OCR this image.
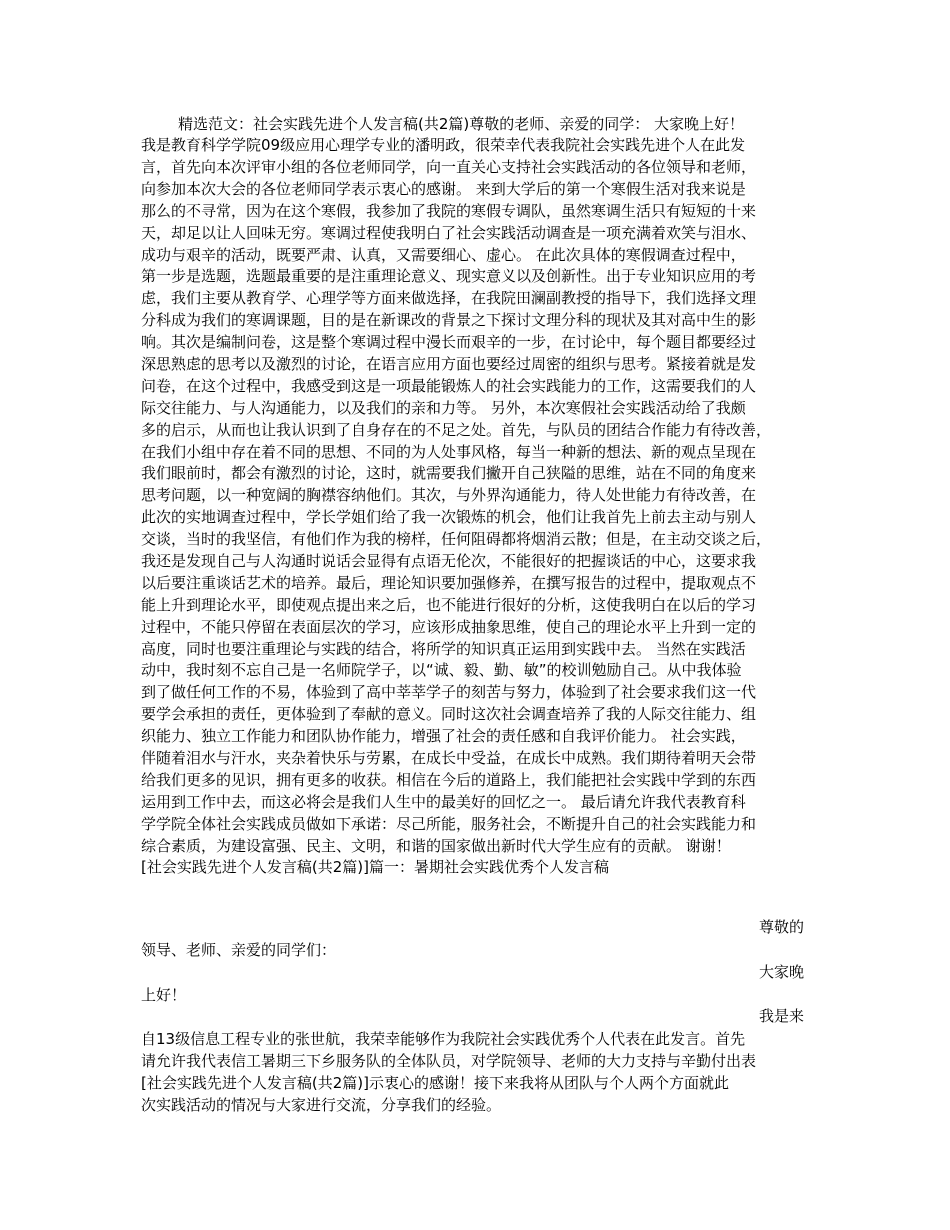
精选范文：社会实践先进个人发言稿(共2篇)尊敬的老师、亲爱的同学： 大家晚上好！
我是教育科学学院09级应用心理学专业的潘明政，很荣幸代表我院社会实践先进个人在此发
言，首先向本次评审小组的各位老师同学，向一直关心支持社会实践活动的各位领导和老师，
向参加本次大会的各位老师同学表示衷心的感谢。 来到大学后的第一个寒假生活对我来说是
那么的不寻常，因为在这个寒假，我参加了我院的寒假专调队，虽然寒调生活只有短短的十来
天，却足以让人回味无穷。寒调过程使我明白了社会实践活动调查是一项充满着欢笑与泪水、
成功与艰辛的活动，既要严肃、认真，又需要细心、虚心。 在此次具体的寒假调查过程中，
第一步是选题，选题最重要的是注重理论意义、现实意义以及创新性。出于专业知识应用的考
虑，我们主要从教育学、心理学等方面来做选择，在我院田澜副教授的指导下，我们选择文理
分科成为我们的寒调课题，目的是在新课改的背景之下探讨文理分科的现状及其对高中生的影
响。其次是编制问卷，这是整个寒调过程中漫长而艰辛的一步，在讨论中，每个题目都要经过
深思熟虑的思考以及激烈的讨论，在语言应用方面也要经过周密的组织与思考。紧接着就是发
问卷，在这个过程中，我感受到这是一项最能锻炼人的社会实践能力的工作，这需要我们的人
际交往能力、与人沟通能力，以及我们的亲和力等。 另外，本次寒假社会实践活动给了我颇
多的启示，从而也让我认识到了自身存在的不足之处。首先，与队员的团结合作能力有待改善，
在我们小组中存在着不同的思想、不同的为人处事风格，每当一种新的想法、新的观点呈现在
我们眼前时，都会有激烈的讨论，这时，就需要我们撇开自己狭隘的思维，站在不同的角度来
思考问题，以一种宽阔的胸襟容纳他们。其次，与外界沟通能力，待人处世能力有待改善，在
此次的实地调查过程中，学长学姐们给了我一次锻炼的机会，他们让我首先上前去主动与别人
交谈，当时的我坚信，有他们作为我的榜样，任何阻碍都将烟消云散；但是，在主动交谈之后，
我还是发现自己与人沟通时说话会显得有点语无伦次，不能很好的把握谈话的中心，这要求我
以后要注重谈话艺术的培养。最后，理论知识要加强修养，在撰写报告的过程中，提取观点不
能上升到理论水平，即使观点提出来之后，也不能进行很好的分析，这使我明白在以后的学习
过程中，不能只停留在表面层次的学习，应该形成抽象思维，使自己的理论水平上升到一定的
高度，同时也要注重理论与实践的结合，将所学的知识真正运用到实践中去。 当然在实践活
动中，我时刻不忘自己是一名师院学子，以“诚、毅、勤、敏”的校训勉励自己。从中我体验
到了做任何工作的不易，体验到了高中莘莘学子的刻苦与努力，体验到了社会要求我们这一代
要学会承担的责任，更体验到了奉献的意义。同时这次社会调查培养了我的人际交往能力、组
织能力、独立工作能力和团队协作能力，增强了社会的责任感和自我评价能力。 社会实践，
伴随着泪水与汗水，夹杂着快乐与劳累，在成长中受益，在成长中成熟。我们期待着明天会带
给我们更多的见识，拥有更多的收获。相信在今后的道路上，我们能把社会实践中学到的东西
运用到工作中去，而这必将会是我们人生中的最美好的回忆之一。 最后请允许我代表教育科
学学院全体社会实践成员做如下承诺：尽己所能，服务社会，不断提升自己的社会实践能力和
综合素质，为建设富强、民主、文明，和谐的国家做出新时代大学生应有的贡献。 谢谢！
[社会实践先进个人发言稿(共2篇)]篇一：暑期社会实践优秀个人发言稿
尊敬的
领导、老师、亲爱的同学们：
大家晚
上好！
我是来
自13级信息工程专业的张世航，我荣幸能够作为我院社会实践优秀个人代表在此发言。首先
请允许我代表信工暑期三下乡服务队的全体队员，对学院领导、老师的大力支持与辛勤付出表
[社会实践先进个人发言稿(共2篇)]示衷心的感谢！接下来我将从团队与个人两个方面就此
次实践活动的情况与大家进行交流，分享我们的经验。
